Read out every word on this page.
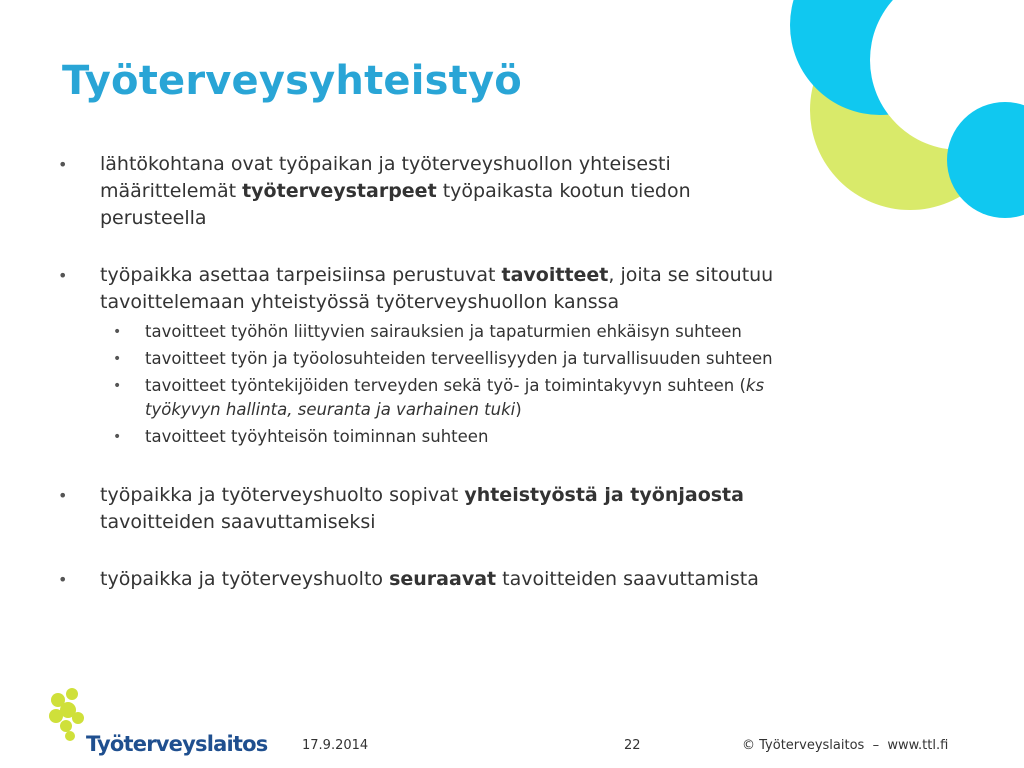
Työterveysyhteistyö
• lähtökohtana ovat työpaikan ja työterveyshuollon yhteisesti määrittelemät työterveystarpeet työpaikasta kootun tiedon perusteella
• työpaikka asettaa tarpeisiinsa perustuvat tavoitteet, joita se sitoutuu tavoittelemaan yhteistyössä työterveyshuollon kanssa
• tavoitteet työhön liittyvien sairauksien ja tapaturmien ehkäisyn suhteen
• tavoitteet työn ja työolosuhteiden terveellisyyden ja turvallisuuden suhteen
• tavoitteet työntekijöiden terveyden sekä työ- ja toimintakyvyn suhteen (ks työkyvyn hallinta, seuranta ja varhainen tuki)
• tavoitteet työyhteisön toiminnan suhteen
• työpaikka ja työterveyshuolto sopivat yhteistyöstä ja työnjaosta tavoitteiden saavuttamiseksi
• työpaikka ja työterveyshuolto seuraavat tavoitteiden saavuttamista
Työterveyslaitos	17.9.2014	22	© Työterveyslaitos  –  www.ttl.fi
